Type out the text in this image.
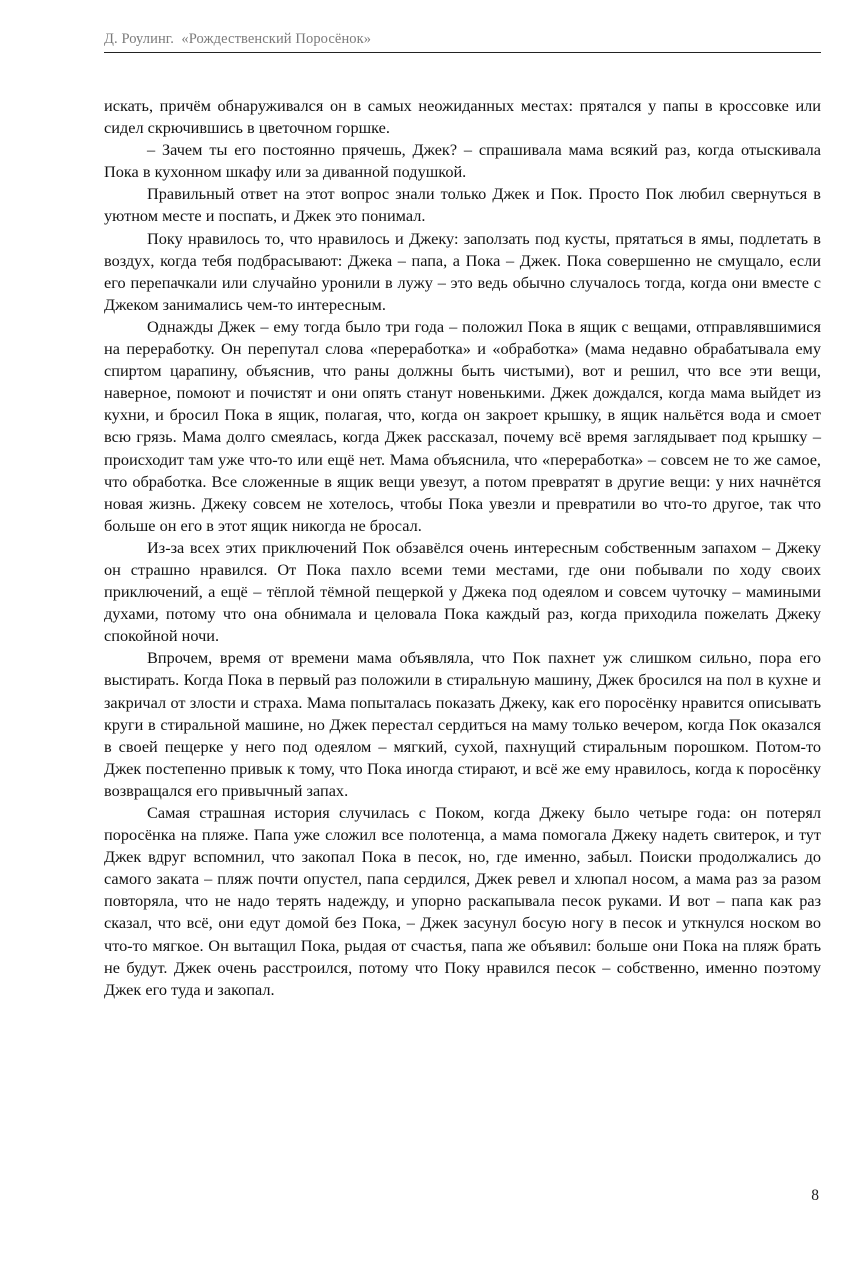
Д. Роулинг. «Рождественский Поросёнок»

искать, причём обнаруживался он в самых неожиданных местах: прятался у папы в кроссовке или сидел скрючившись в цветочном горшке.

– Зачем ты его постоянно прячешь, Джек? – спрашивала мама всякий раз, когда отыскивала Пока в кухонном шкафу или за диванной подушкой.

Правильный ответ на этот вопрос знали только Джек и Пок. Просто Пок любил свернуться в уютном месте и поспать, и Джек это понимал.

Поку нравилось то, что нравилось и Джеку: заползать под кусты, прятаться в ямы, подлетать в воздух, когда тебя подбрасывают: Джека – папа, а Пока – Джек. Пока совершенно не смущало, если его перепачкали или случайно уронили в лужу – это ведь обычно случалось тогда, когда они вместе с Джеком занимались чем-то интересным.

Однажды Джек – ему тогда было три года – положил Пока в ящик с вещами, отправлявшимися на переработку. Он перепутал слова «переработка» и «обработка» (мама недавно обрабатывала ему спиртом царапину, объяснив, что раны должны быть чистыми), вот и решил, что все эти вещи, наверное, помоют и почистят и они опять станут новенькими. Джек дождался, когда мама выйдет из кухни, и бросил Пока в ящик, полагая, что, когда он закроет крышку, в ящик нальётся вода и смоет всю грязь. Мама долго смеялась, когда Джек рассказал, почему всё время заглядывает под крышку – происходит там уже что-то или ещё нет. Мама объяснила, что «переработка» – совсем не то же самое, что обработка. Все сложенные в ящик вещи увезут, а потом превратят в другие вещи: у них начнётся новая жизнь. Джеку совсем не хотелось, чтобы Пока увезли и превратили во что-то другое, так что больше он его в этот ящик никогда не бросал.

Из-за всех этих приключений Пок обзавёлся очень интересным собственным запахом – Джеку он страшно нравился. От Пока пахло всеми теми местами, где они побывали по ходу своих приключений, а ещё – тёплой тёмной пещеркой у Джека под одеялом и совсем чуточку – мамиными духами, потому что она обнимала и целовала Пока каждый раз, когда приходила пожелать Джеку спокойной ночи.

Впрочем, время от времени мама объявляла, что Пок пахнет уж слишком сильно, пора его выстирать. Когда Пока в первый раз положили в стиральную машину, Джек бросился на пол в кухне и закричал от злости и страха. Мама попыталась показать Джеку, как его поросёнку нравится описывать круги в стиральной машине, но Джек перестал сердиться на маму только вечером, когда Пок оказался в своей пещерке у него под одеялом – мягкий, сухой, пахнущий стиральным порошком. Потом-то Джек постепенно привык к тому, что Пока иногда стирают, и всё же ему нравилось, когда к поросёнку возвращался его привычный запах.

Самая страшная история случилась с Поком, когда Джеку было четыре года: он потерял поросёнка на пляже. Папа уже сложил все полотенца, а мама помогала Джеку надеть свитерок, и тут Джек вдруг вспомнил, что закопал Пока в песок, но, где именно, забыл. Поиски продолжались до самого заката – пляж почти опустел, папа сердился, Джек ревел и хлюпал носом, а мама раз за разом повторяла, что не надо терять надежду, и упорно раскапывала песок руками. И вот – папа как раз сказал, что всё, они едут домой без Пока, – Джек засунул босую ногу в песок и уткнулся носком во что-то мягкое. Он вытащил Пока, рыдая от счастья, папа же объявил: больше они Пока на пляж брать не будут. Джек очень расстроился, потому что Поку нравился песок – собственно, именно поэтому Джек его туда и закопал.

8
